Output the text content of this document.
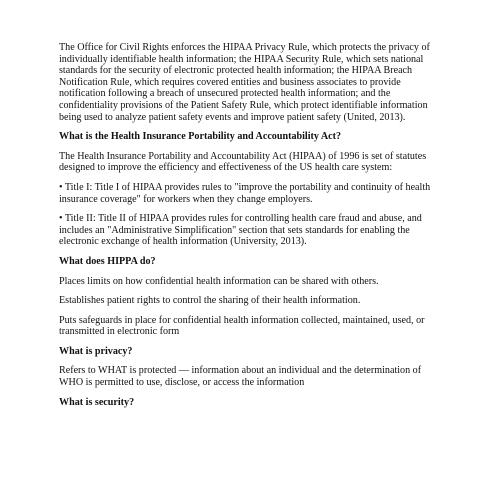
The Office for Civil Rights enforces the HIPAA Privacy Rule, which protects the privacy of individually identifiable health information; the HIPAA Security Rule, which sets national standards for the security of electronic protected health information; the HIPAA Breach Notification Rule, which requires covered entities and business associates to provide notification following a breach of unsecured protected health information; and the confidentiality provisions of the Patient Safety Rule, which protect identifiable information being used to analyze patient safety events and improve patient safety (United, 2013).

What is the Health Insurance Portability and Accountability Act?

The Health Insurance Portability and Accountability Act (HIPAA) of 1996 is set of statutes designed to improve the efficiency and effectiveness of the US health care system:

• Title I: Title I of HIPAA provides rules to "improve the portability and continuity of health insurance coverage" for workers when they change employers.

• Title II: Title II of HIPAA provides rules for controlling health care fraud and abuse, and includes an "Administrative Simplification" section that sets standards for enabling the electronic exchange of health information (University, 2013).

What does HIPPA do?

Places limits on how confidential health information can be shared with others.

Establishes patient rights to control the sharing of their health information.

Puts safeguards in place for confidential health information collected, maintained, used, or transmitted in electronic form

What is privacy?

Refers to WHAT is protected — information about an individual and the determination of WHO is permitted to use, disclose, or access the information

What is security?
